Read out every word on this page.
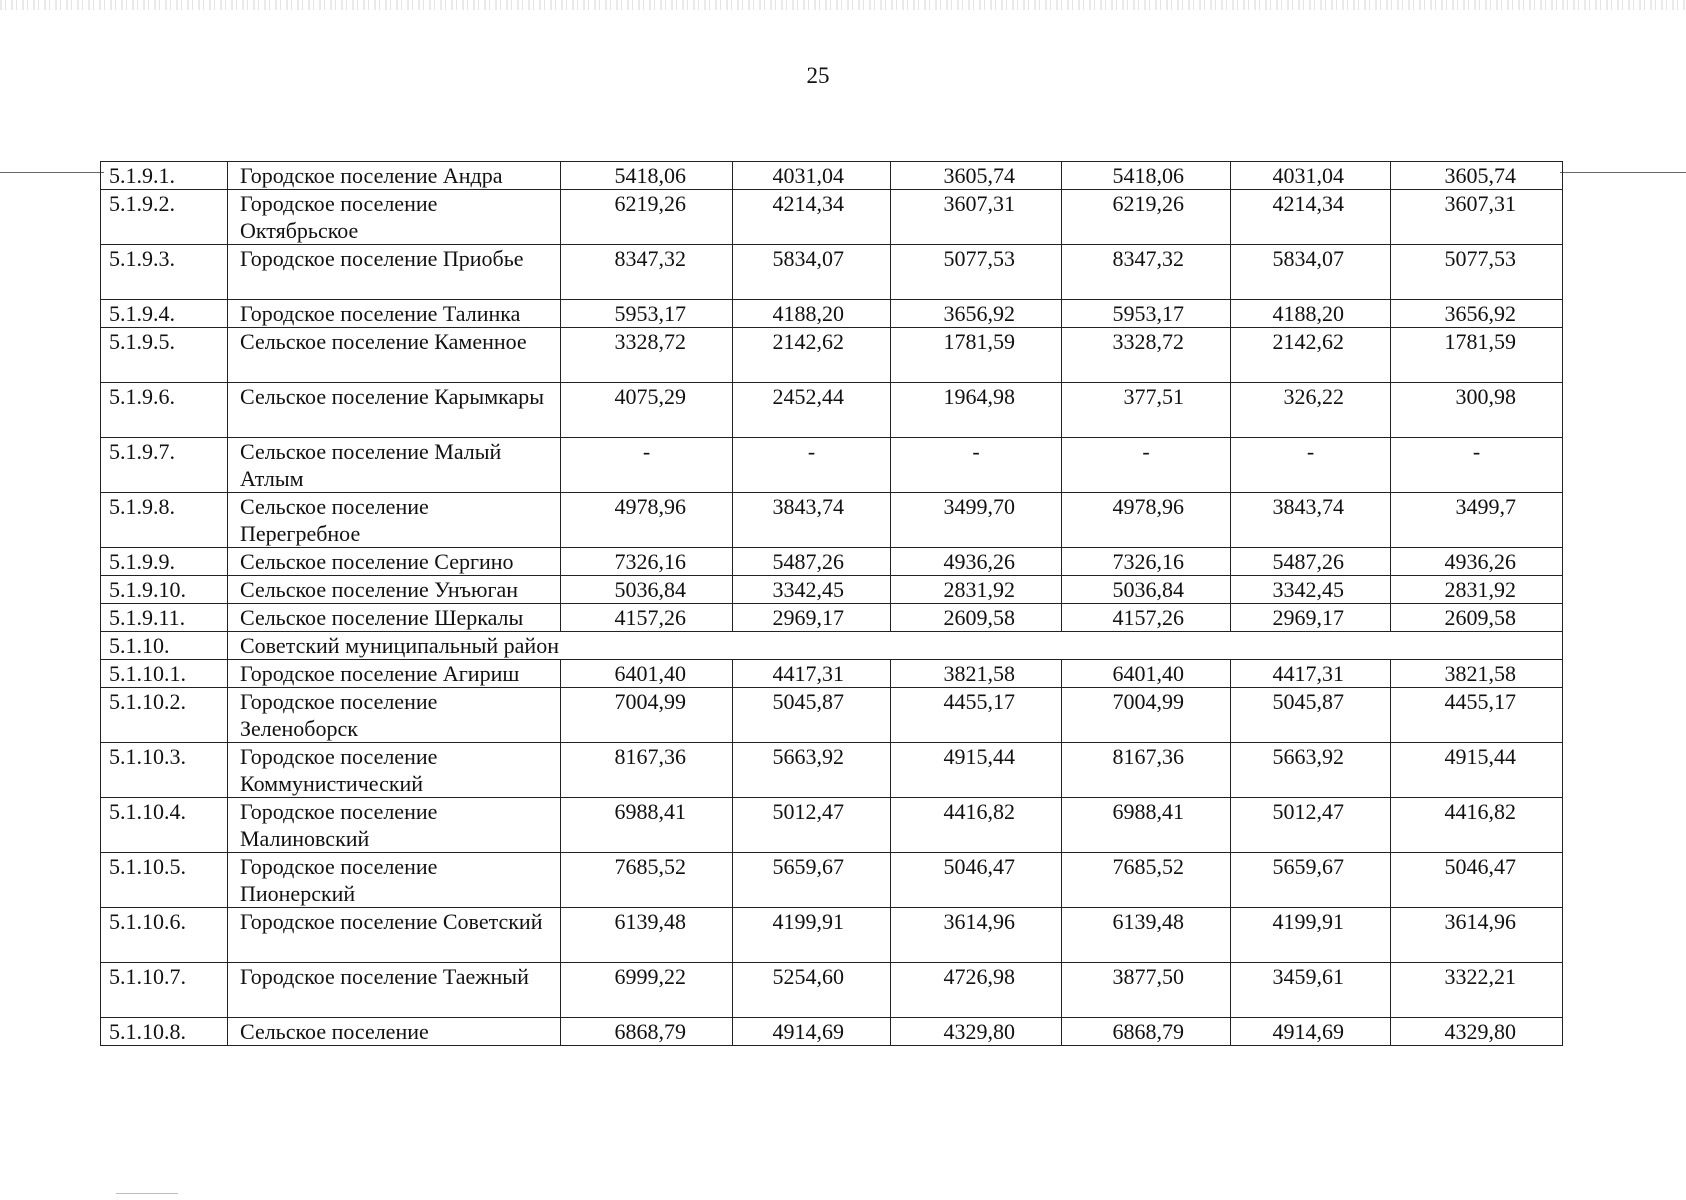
25
5.1.9.1.	Городское поселение Андра	5418,06	4031,04	3605,74	5418,06	4031,04	3605,74
5.1.9.2.	Городское поселение Октябрьское	6219,26	4214,34	3607,31	6219,26	4214,34	3607,31
5.1.9.3.	Городское поселение Приобье	8347,32	5834,07	5077,53	8347,32	5834,07	5077,53
5.1.9.4.	Городское поселение Талинка	5953,17	4188,20	3656,92	5953,17	4188,20	3656,92
5.1.9.5.	Сельское поселение Каменное	3328,72	2142,62	1781,59	3328,72	2142,62	1781,59
5.1.9.6.	Сельское поселение Карымкары	4075,29	2452,44	1964,98	377,51	326,22	300,98
5.1.9.7.	Сельское поселение Малый Атлым	-	-	-	-	-	-
5.1.9.8.	Сельское поселение Перегребное	4978,96	3843,74	3499,70	4978,96	3843,74	3499,7
5.1.9.9.	Сельское поселение Сергино	7326,16	5487,26	4936,26	7326,16	5487,26	4936,26
5.1.9.10.	Сельское поселение Унъюган	5036,84	3342,45	2831,92	5036,84	3342,45	2831,92
5.1.9.11.	Сельское поселение Шеркалы	4157,26	2969,17	2609,58	4157,26	2969,17	2609,58
5.1.10.	Советский муниципальный район						
5.1.10.1.	Городское поселение Агириш	6401,40	4417,31	3821,58	6401,40	4417,31	3821,58
5.1.10.2.	Городское поселение Зеленоборск	7004,99	5045,87	4455,17	7004,99	5045,87	4455,17
5.1.10.3.	Городское поселение Коммунистический	8167,36	5663,92	4915,44	8167,36	5663,92	4915,44
5.1.10.4.	Городское поселение Малиновский	6988,41	5012,47	4416,82	6988,41	5012,47	4416,82
5.1.10.5.	Городское поселение Пионерский	7685,52	5659,67	5046,47	7685,52	5659,67	5046,47
5.1.10.6.	Городское поселение Советский	6139,48	4199,91	3614,96	6139,48	4199,91	3614,96
5.1.10.7.	Городское поселение Таежный	6999,22	5254,60	4726,98	3877,50	3459,61	3322,21
5.1.10.8.	Сельское поселение	6868,79	4914,69	4329,80	6868,79	4914,69	4329,80
